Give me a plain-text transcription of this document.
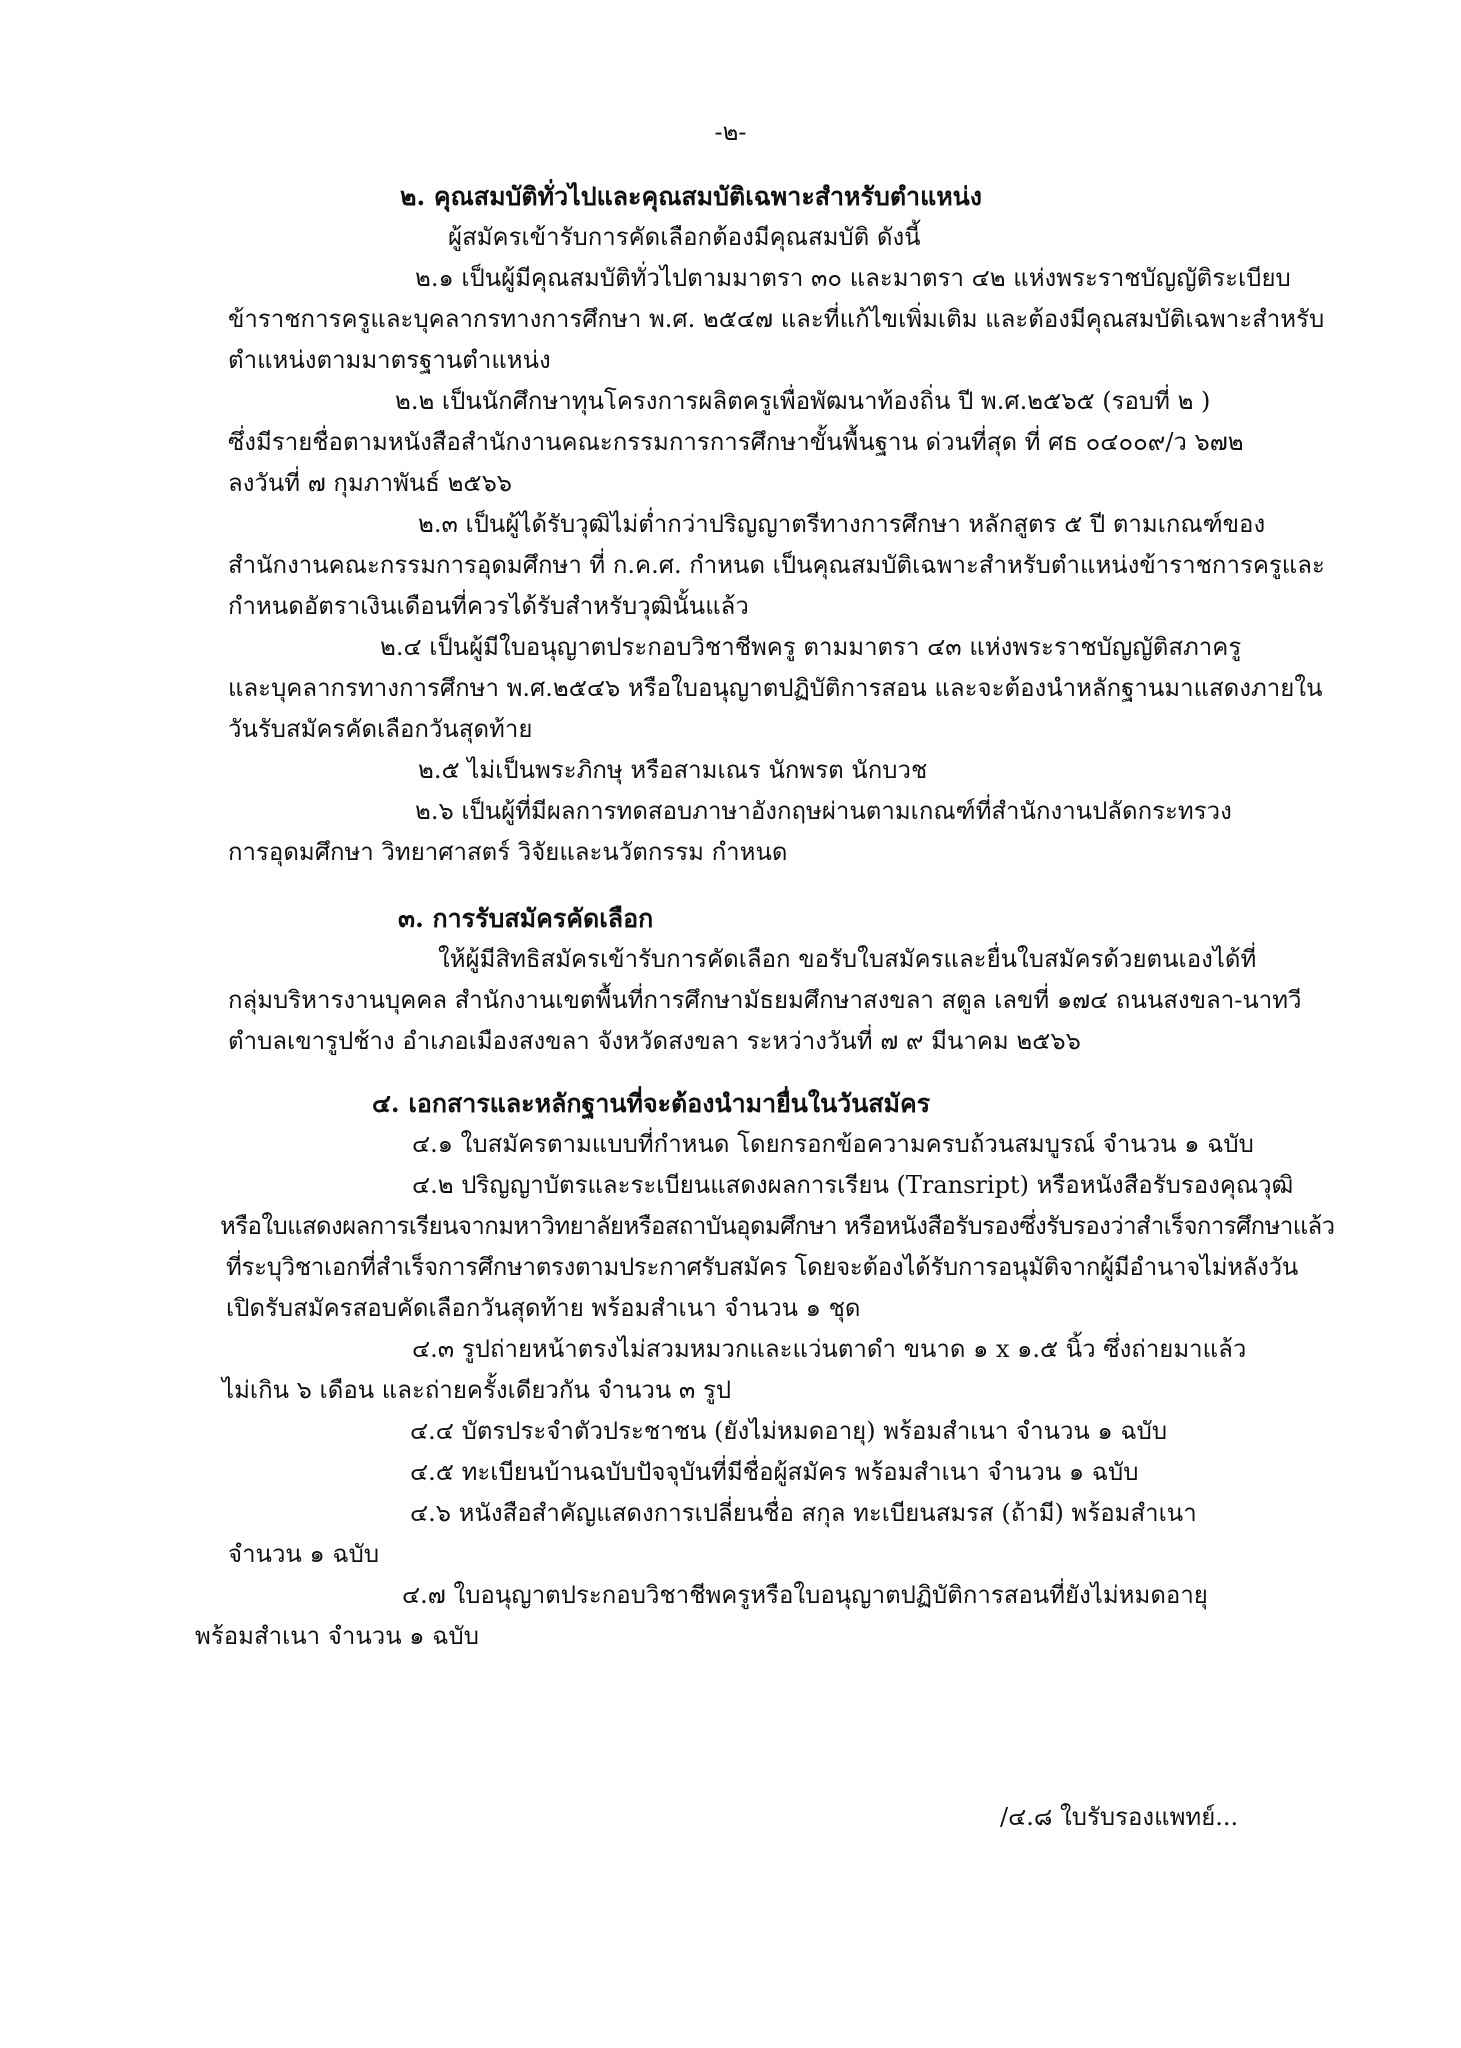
-๒-
๒. คุณสมบัติทั่วไปและคุณสมบัติเฉพาะสำหรับตำแหน่ง
ผู้สมัครเข้ารับการคัดเลือกต้องมีคุณสมบัติ ดังนี้
๒.๑ เป็นผู้มีคุณสมบัติทั่วไปตามมาตรา ๓๐ และมาตรา ๔๒ แห่งพระราชบัญญัติระเบียบ
ข้าราชการครูและบุคลากรทางการศึกษา พ.ศ. ๒๕๔๗ และที่แก้ไขเพิ่มเติม และต้องมีคุณสมบัติเฉพาะสำหรับ
ตำแหน่งตามมาตรฐานตำแหน่ง
๒.๒ เป็นนักศึกษาทุนโครงการผลิตครูเพื่อพัฒนาท้องถิ่น ปี พ.ศ.๒๕๖๕ (รอบที่ ๒ )
ซึ่งมีรายชื่อตามหนังสือสำนักงานคณะกรรมการการศึกษาขั้นพื้นฐาน ด่วนที่สุด ที่ ศธ ๐๔๐๐๙/ว ๖๗๒
ลงวันที่ ๗ กุมภาพันธ์ ๒๕๖๖
๒.๓ เป็นผู้ได้รับวุฒิไม่ต่ำกว่าปริญญาตรีทางการศึกษา หลักสูตร ๕ ปี ตามเกณฑ์ของ
สำนักงานคณะกรรมการอุดมศึกษา ที่ ก.ค.ศ. กำหนด เป็นคุณสมบัติเฉพาะสำหรับตำแหน่งข้าราชการครูและ
กำหนดอัตราเงินเดือนที่ควรได้รับสำหรับวุฒินั้นแล้ว
๒.๔ เป็นผู้มีใบอนุญาตประกอบวิชาชีพครู ตามมาตรา ๔๓ แห่งพระราชบัญญัติสภาครู
และบุคลากรทางการศึกษา พ.ศ.๒๕๔๖ หรือใบอนุญาตปฏิบัติการสอน และจะต้องนำหลักฐานมาแสดงภายใน
วันรับสมัครคัดเลือกวันสุดท้าย
๒.๕ ไม่เป็นพระภิกษุ หรือสามเณร นักพรต นักบวช
๒.๖ เป็นผู้ที่มีผลการทดสอบภาษาอังกฤษผ่านตามเกณฑ์ที่สำนักงานปลัดกระทรวง
การอุดมศึกษา วิทยาศาสตร์ วิจัยและนวัตกรรม กำหนด
๓. การรับสมัครคัดเลือก
ให้ผู้มีสิทธิสมัครเข้ารับการคัดเลือก ขอรับใบสมัครและยื่นใบสมัครด้วยตนเองได้ที่
กลุ่มบริหารงานบุคคล สำนักงานเขตพื้นที่การศึกษามัธยมศึกษาสงขลา สตูล เลขที่ ๑๗๔ ถนนสงขลา-นาทวี
ตำบลเขารูปช้าง อำเภอเมืองสงขลา จังหวัดสงขลา ระหว่างวันที่ ๗ ๙ มีนาคม ๒๕๖๖
๔. เอกสารและหลักฐานที่จะต้องนำมายื่นในวันสมัคร
๔.๑ ใบสมัครตามแบบที่กำหนด โดยกรอกข้อความครบถ้วนสมบูรณ์ จำนวน ๑ ฉบับ
๔.๒ ปริญญาบัตรและระเบียนแสดงผลการเรียน (Transript) หรือหนังสือรับรองคุณวุฒิ
หรือใบแสดงผลการเรียนจากมหาวิทยาลัยหรือสถาบันอุดมศึกษา หรือหนังสือรับรองซึ่งรับรองว่าสำเร็จการศึกษาแล้ว
ที่ระบุวิชาเอกที่สำเร็จการศึกษาตรงตามประกาศรับสมัคร โดยจะต้องได้รับการอนุมัติจากผู้มีอำนาจไม่หลังวัน
เปิดรับสมัครสอบคัดเลือกวันสุดท้าย พร้อมสำเนา จำนวน ๑ ชุด
๔.๓ รูปถ่ายหน้าตรงไม่สวมหมวกและแว่นตาดำ ขนาด ๑ x ๑.๕ นิ้ว ซึ่งถ่ายมาแล้ว
ไม่เกิน ๖ เดือน และถ่ายครั้งเดียวกัน จำนวน ๓ รูป
๔.๔ บัตรประจำตัวประชาชน (ยังไม่หมดอายุ) พร้อมสำเนา จำนวน ๑ ฉบับ
๔.๕ ทะเบียนบ้านฉบับปัจจุบันที่มีชื่อผู้สมัคร พร้อมสำเนา จำนวน ๑ ฉบับ
๔.๖ หนังสือสำคัญแสดงการเปลี่ยนชื่อ สกุล ทะเบียนสมรส (ถ้ามี) พร้อมสำเนา
จำนวน ๑ ฉบับ
๔.๗ ใบอนุญาตประกอบวิชาชีพครูหรือใบอนุญาตปฏิบัติการสอนที่ยังไม่หมดอายุ
พร้อมสำเนา จำนวน ๑ ฉบับ
/๔.๘ ใบรับรองแพทย์...
